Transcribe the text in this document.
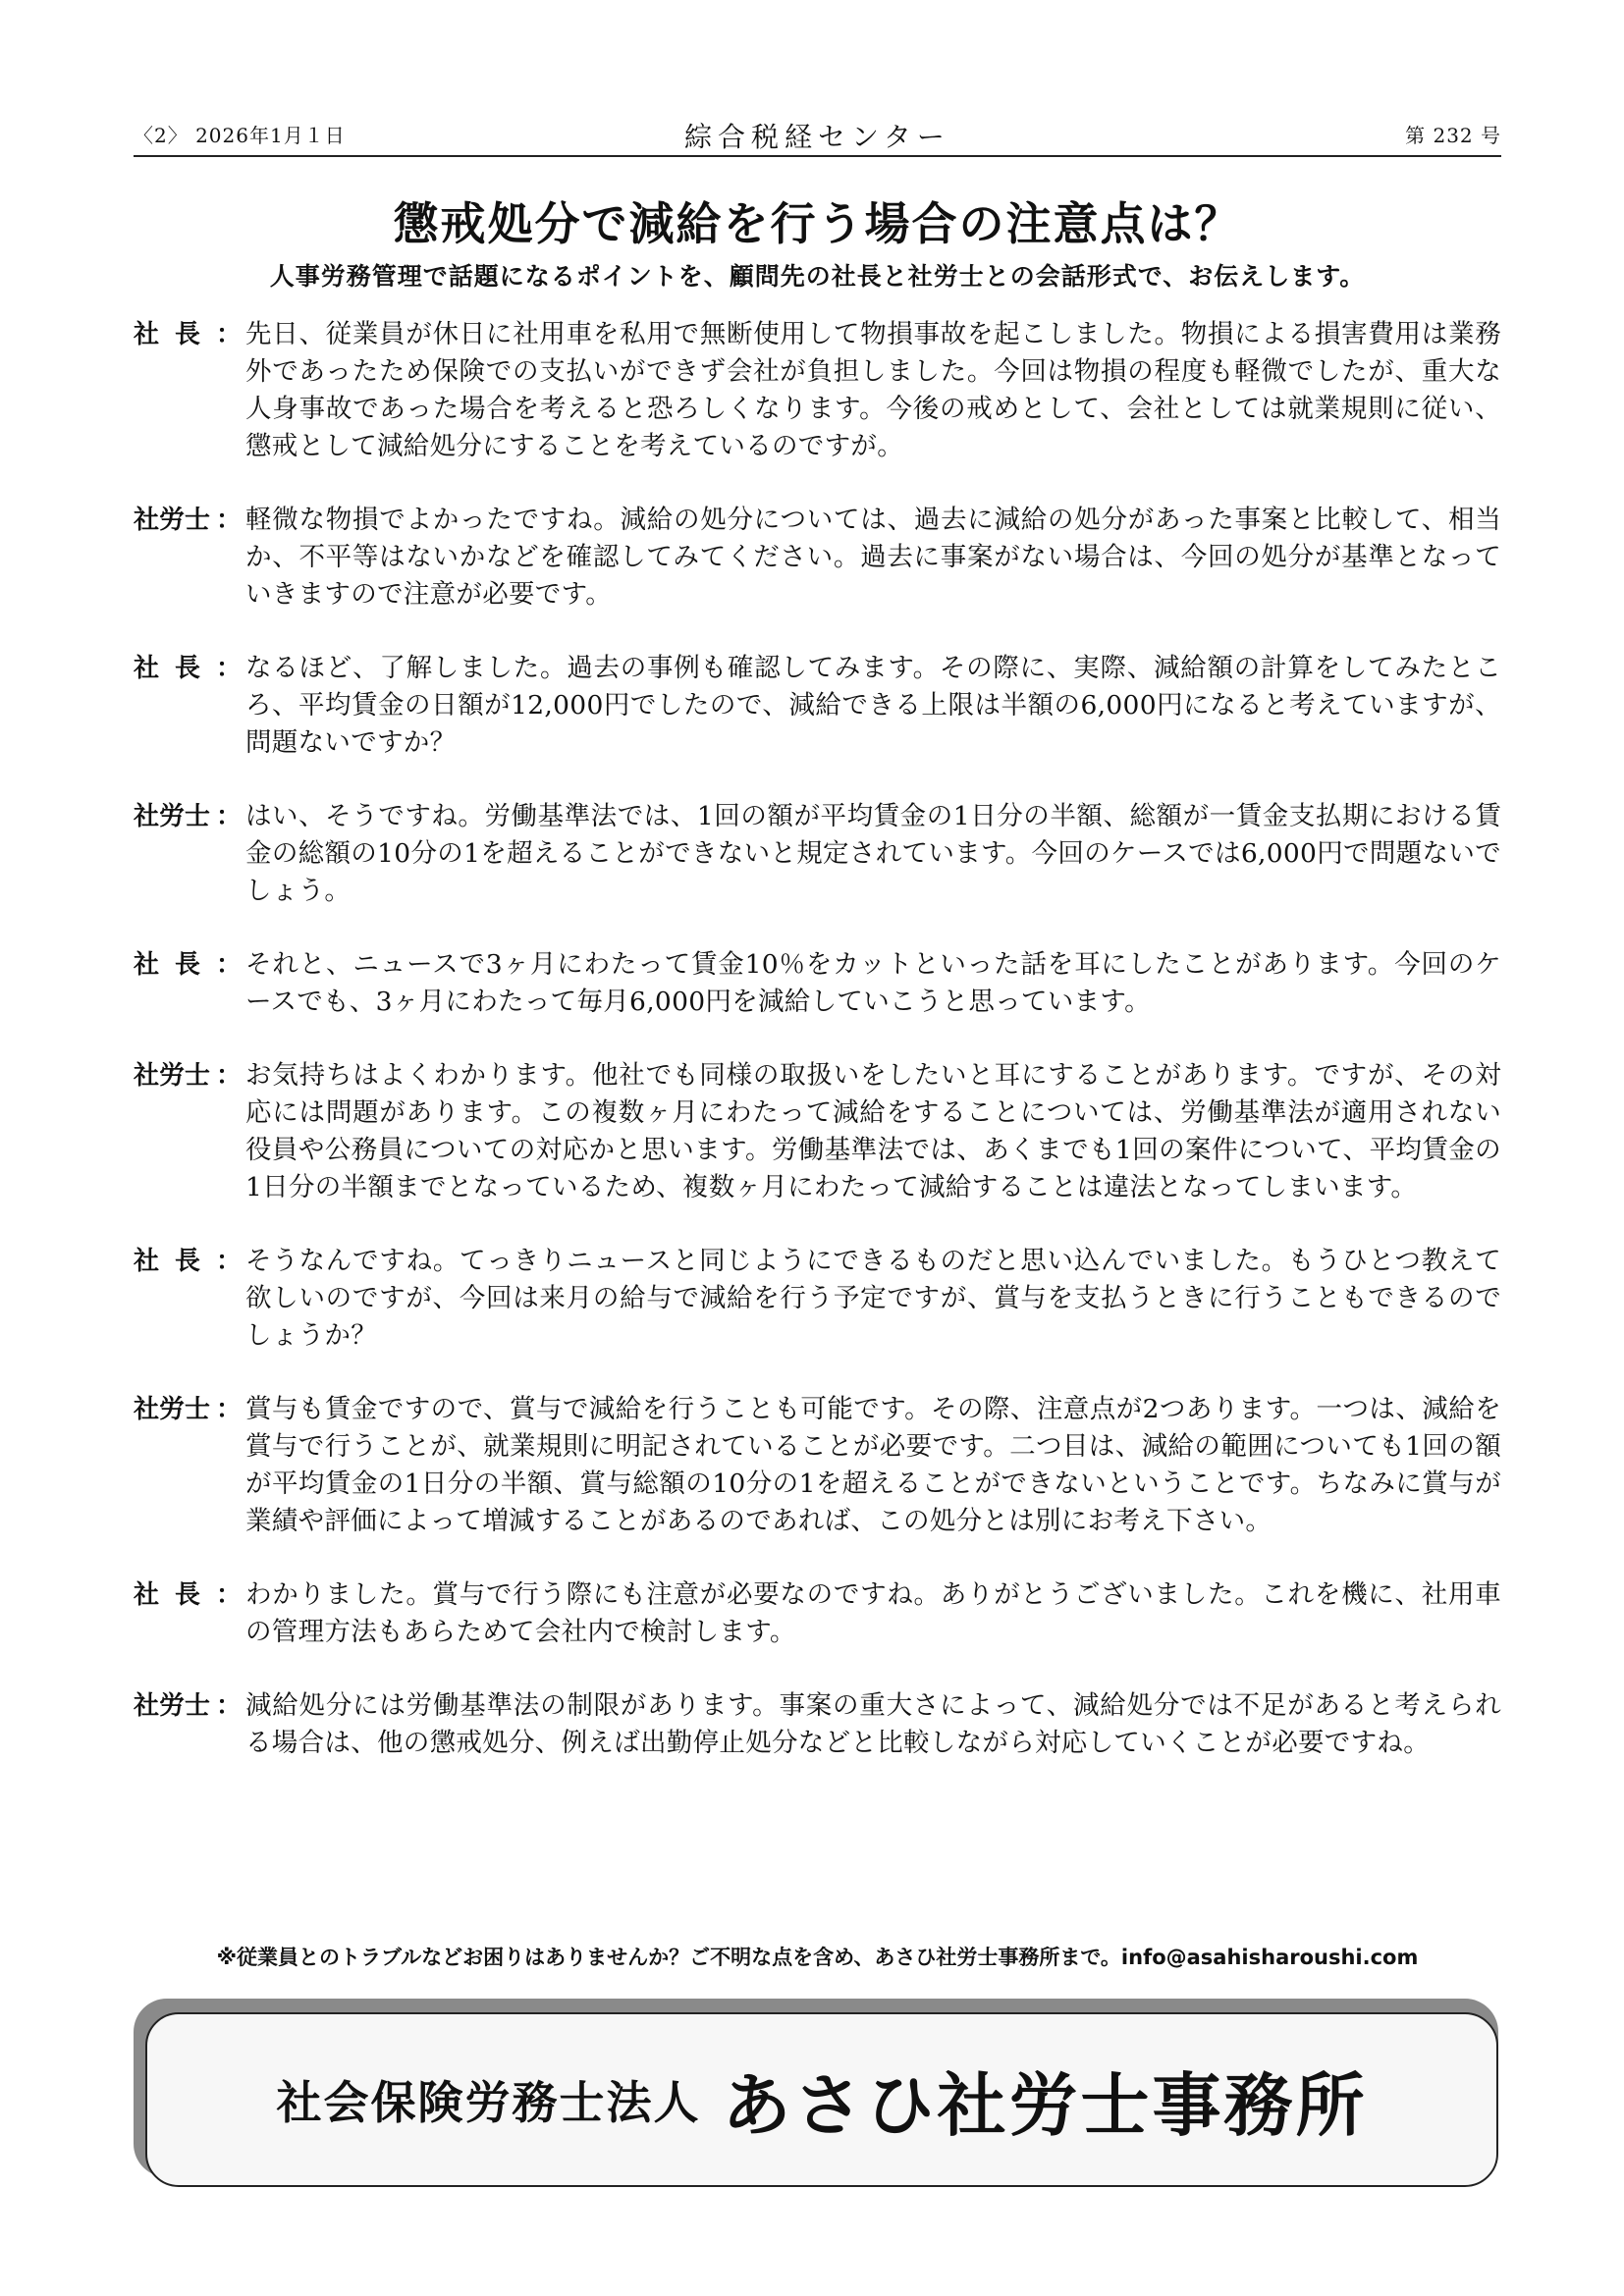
〈2〉 2026年1月１日	綜合税経センター	第 232 号
懲戒処分で減給を行う場合の注意点は？
人事労務管理で話題になるポイントを、顧問先の社長と社労士との会話形式で、お伝えします。
社 長 ： 先日、従業員が休日に社用車を私用で無断使用して物損事故を起こしました。物損による損害費用は業務外であったため保険での支払いができず会社が負担しました。今回は物損の程度も軽微でしたが、重大な人身事故であった場合を考えると恐ろしくなります。今後の戒めとして、会社としては就業規則に従い、懲戒として減給処分にすることを考えているのですが。
社労士 ： 軽微な物損でよかったですね。減給の処分については、過去に減給の処分があった事案と比較して、相当か、不平等はないかなどを確認してみてください。過去に事案がない場合は、今回の処分が基準となっていきますので注意が必要です。
社 長 ： なるほど、了解しました。過去の事例も確認してみます。その際に、実際、減給額の計算をしてみたところ、平均賃金の日額が12,000円でしたので、減給できる上限は半額の6,000円になると考えていますが、問題ないですか？
社労士 ： はい、そうですね。労働基準法では、1回の額が平均賃金の1日分の半額、総額が一賃金支払期における賃金の総額の10分の1を超えることができないと規定されています。今回のケースでは6,000円で問題ないでしょう。
社 長 ： それと、ニュースで3ヶ月にわたって賃金10％をカットといった話を耳にしたことがあります。今回のケースでも、3ヶ月にわたって毎月6,000円を減給していこうと思っています。
社労士 ： お気持ちはよくわかります。他社でも同様の取扱いをしたいと耳にすることがあります。ですが、その対応には問題があります。この複数ヶ月にわたって減給をすることについては、労働基準法が適用されない役員や公務員についての対応かと思います。労働基準法では、あくまでも1回の案件について、平均賃金の1日分の半額までとなっているため、複数ヶ月にわたって減給することは違法となってしまいます。
社 長 ： そうなんですね。てっきりニュースと同じようにできるものだと思い込んでいました。もうひとつ教えて欲しいのですが、今回は来月の給与で減給を行う予定ですが、賞与を支払うときに行うこともできるのでしょうか？
社労士 ： 賞与も賃金ですので、賞与で減給を行うことも可能です。その際、注意点が2つあります。一つは、減給を賞与で行うことが、就業規則に明記されていることが必要です。二つ目は、減給の範囲についても1回の額が平均賃金の1日分の半額、賞与総額の10分の1を超えることができないということです。ちなみに賞与が業績や評価によって増減することがあるのであれば、この処分とは別にお考え下さい。
社 長 ： わかりました。賞与で行う際にも注意が必要なのですね。ありがとうございました。これを機に、社用車の管理方法もあらためて会社内で検討します。
社労士 ： 減給処分には労働基準法の制限があります。事案の重大さによって、減給処分では不足があると考えられる場合は、他の懲戒処分、例えば出勤停止処分などと比較しながら対応していくことが必要ですね。
※従業員とのトラブルなどお困りはありませんか？ご不明な点を含め、あさひ社労士事務所まで。info@asahisharoushi.com
社会保険労務士法人 あさひ社労士事務所
